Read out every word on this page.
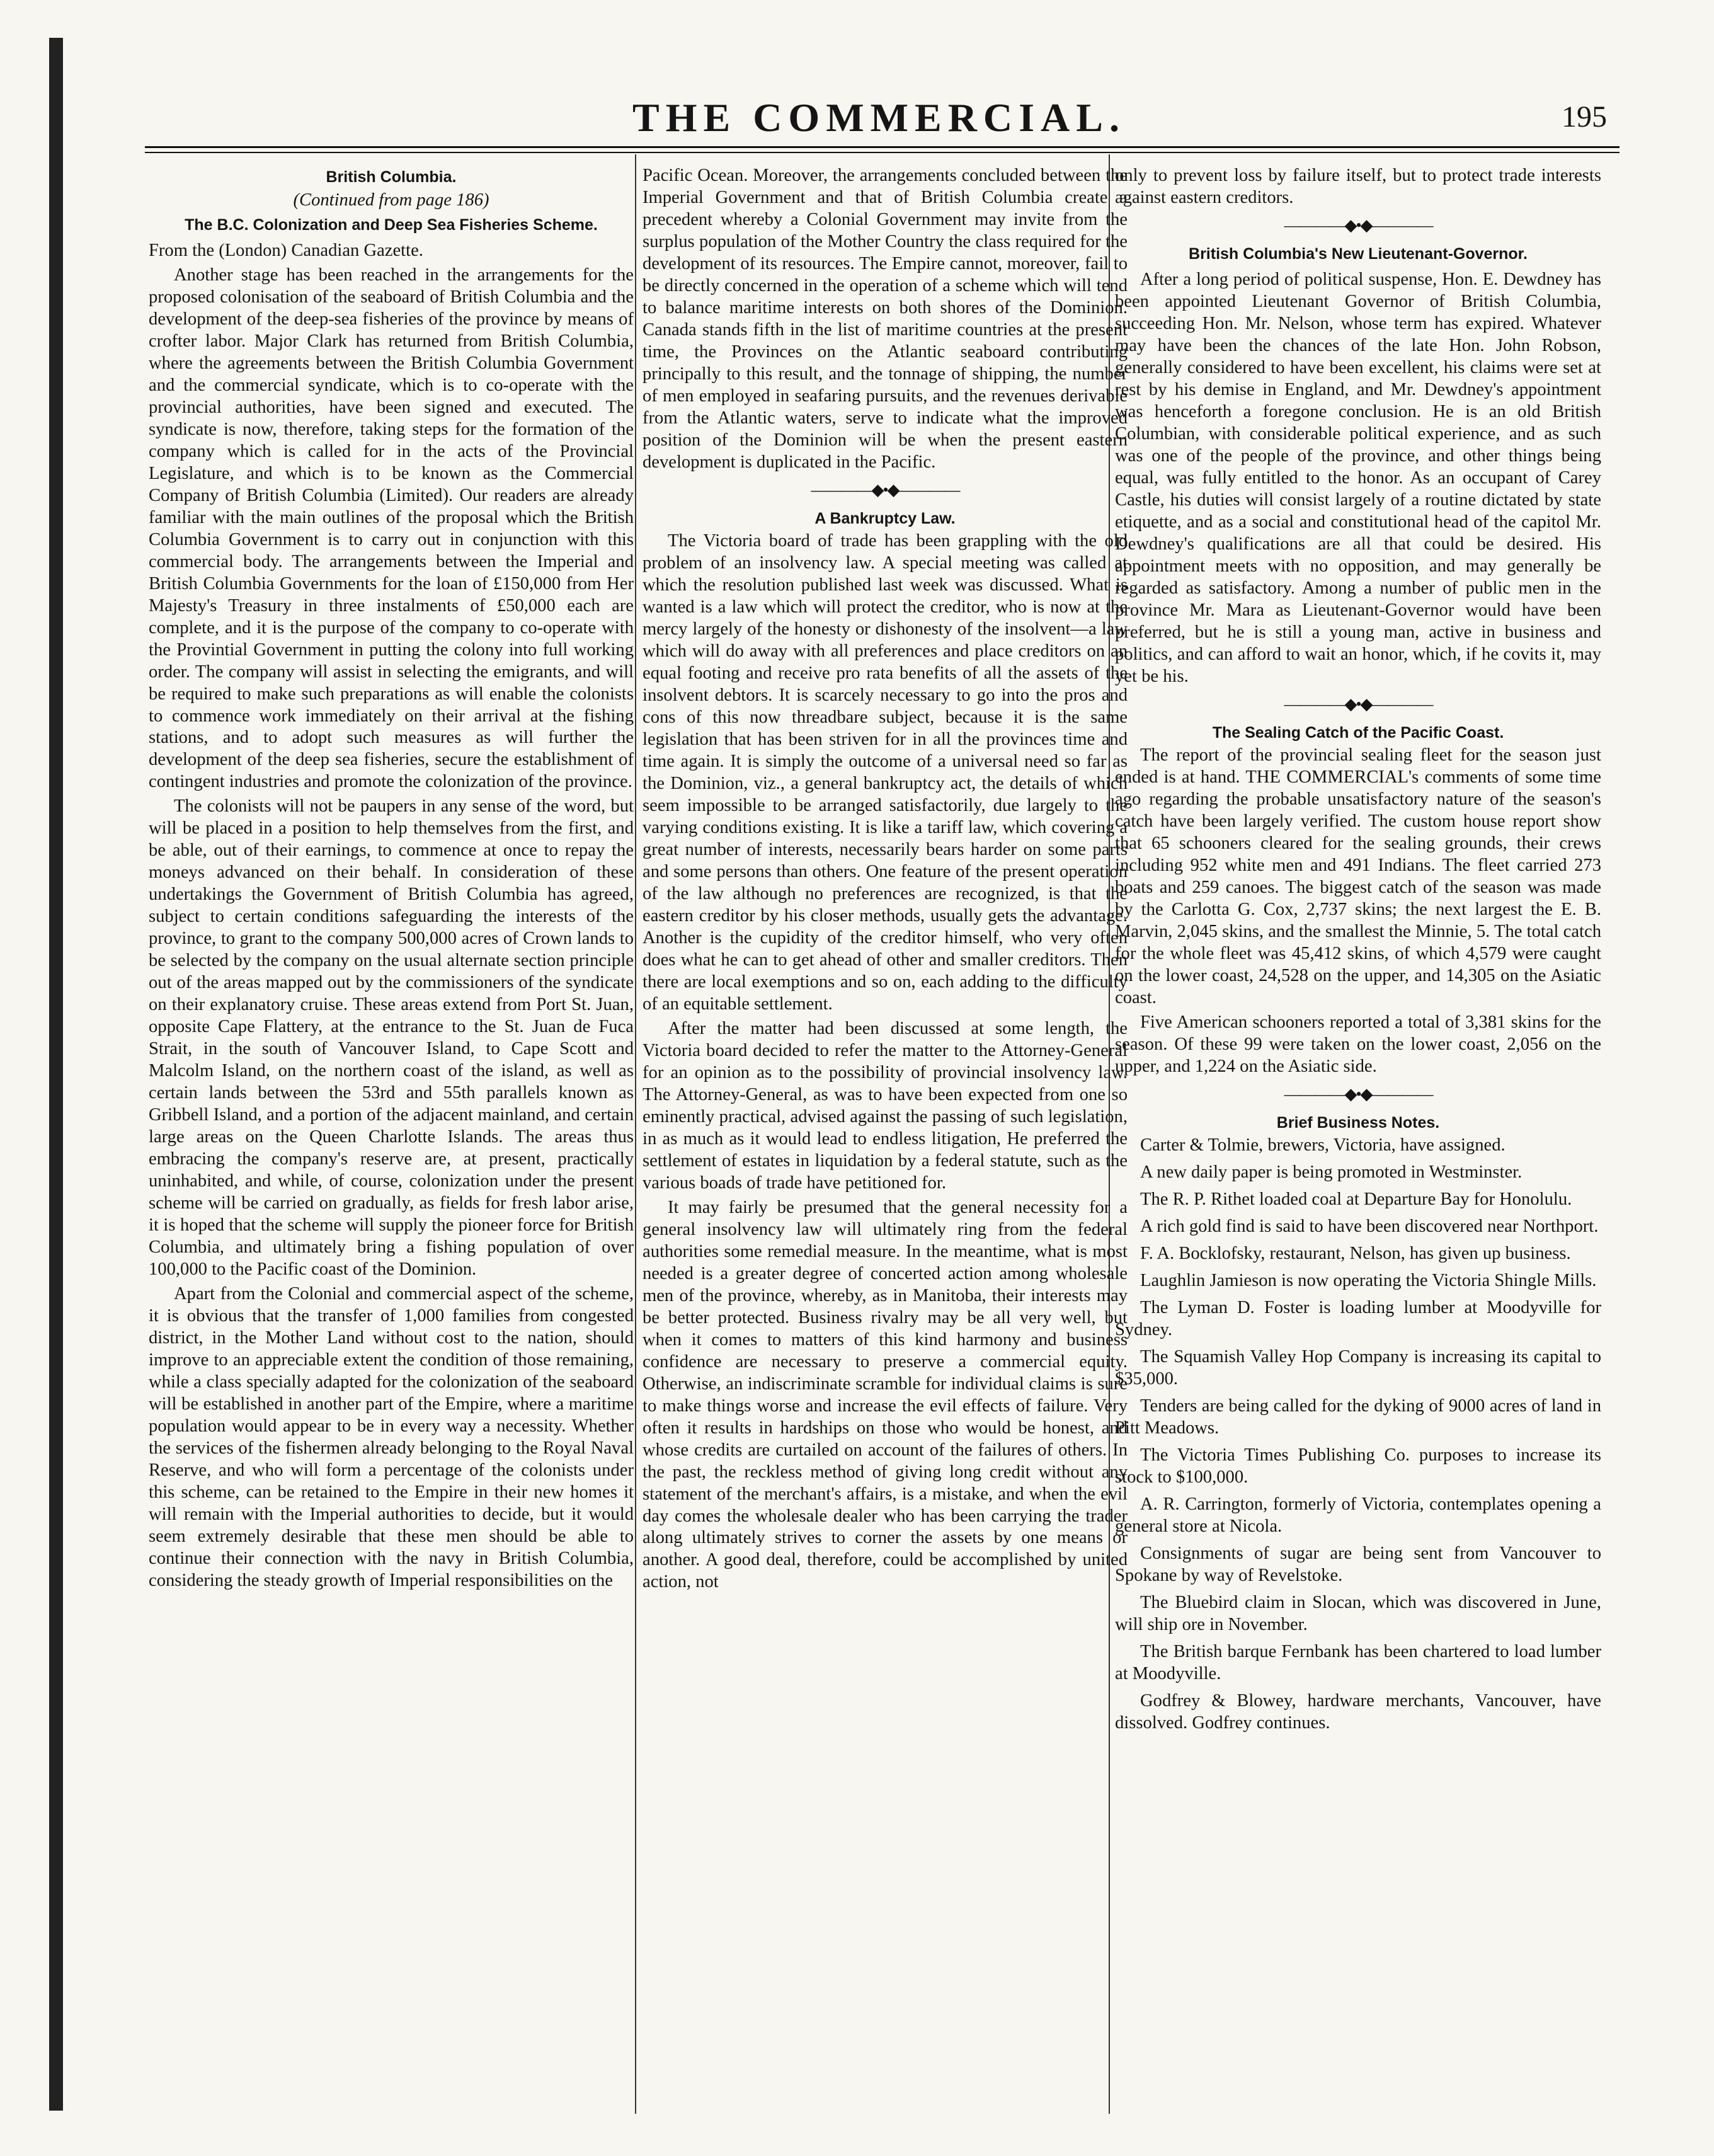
THE COMMERCIAL.	195
British Columbia.
(Continued from page 186)
The B.C. Colonization and Deep Sea Fisheries Scheme.

From the (London) Canadian Gazette.

Another stage has been reached in the arrangements for the proposed colonisation of the seaboard of British Columbia and the development of the deep-sea fisheries of the province by means of crofter labor. Major Clark has returned from British Columbia, where the agreements between the British Columbia Government and the commercial syndicate, which is to co-operate with the provincial authorities, have been signed and executed. The syndicate is now, therefore, taking steps for the formation of the company which is called for in the acts of the Provincial Legislature, and which is to be known as the Commercial Company of British Columbia (Limited). Our readers are already familiar with the main outlines of the proposal which the British Columbia Government is to carry out in conjunction with this commercial body. The arrangements between the Imperial and British Columbia Governments for the loan of £150,000 from Her Majesty's Treasury in three instalments of £50,000 each are complete, and it is the purpose of the company to co-operate with the Provintial Government in putting the colony into full working order. The company will assist in selecting the emigrants, and will be required to make such preparations as will enable the colonists to commence work immediately on their arrival at the fishing stations, and to adopt such measures as will further the development of the deep sea fisheries, secure the establishment of contingent industries and promote the colonization of the province.

The colonists will not be paupers in any sense of the word, but will be placed in a position to help themselves from the first, and be able, out of their earnings, to commence at once to repay the moneys advanced on their behalf. In consideration of these undertakings the Government of British Columbia has agreed, subject to certain conditions safeguarding the interests of the province, to grant to the company 500,000 acres of Crown lands to be selected by the company on the usual alternate section principle out of the areas mapped out by the commissioners of the syndicate on their explanatory cruise. These areas extend from Port St. Juan, opposite Cape Flattery, at the entrance to the St. Juan de Fuca Strait, in the south of Vancouver Island, to Cape Scott and Malcolm Island, on the northern coast of the island, as well as certain lands between the 53rd and 55th parallels known as Gribbell Island, and a portion of the adjacent mainland, and certain large areas on the Queen Charlotte Islands. The areas thus embracing the company's reserve are, at present, practically uninhabited, and while, of course, colonization under the present scheme will be carried on gradually, as fields for fresh labor arise, it is hoped that the scheme will supply the pioneer force for British Columbia, and ultimately bring a fishing population of over 100,000 to the Pacific coast of the Dominion.

Apart from the Colonial and commercial aspect of the scheme, it is obvious that the transfer of 1,000 families from congested district, in the Mother Land without cost to the nation, should improve to an appreciable extent the condition of those remaining, while a class specially adapted for the colonization of the seaboard will be established in another part of the Empire, where a maritime population would appear to be in every way a necessity. Whether the services of the fishermen already belonging to the Royal Naval Reserve, and who will form a percentage of the colonists under this scheme, can be retained to the Empire in their new homes it will remain with the Imperial authorities to decide, but it would seem extremely desirable that these men should be able to continue their connection with the navy in British Columbia, considering the steady growth of Imperial responsibilities on the

Pacific Ocean. Moreover, the arrangements concluded between the Imperial Government and that of British Columbia create a precedent whereby a Colonial Government may invite from the surplus population of the Mother Country the class required for the development of its resources. The Empire cannot, moreover, fail to be directly concerned in the operation of a scheme which will tend to balance maritime interests on both shores of the Dominion. Canada stands fifth in the list of maritime countries at the present time, the Provinces on the Atlantic seaboard contributing principally to this result, and the tonnage of shipping, the number of men employed in seafaring pursuits, and the revenues derivable from the Atlantic waters, serve to indicate what the improved position of the Dominion will be when the present eastern development is duplicated in the Pacific.

————◆•◆————
A Bankruptcy Law.

The Victoria board of trade has been grappling with the old problem of an insolvency law. A special meeting was called at which the resolution published last week was discussed. What is wanted is a law which will protect the creditor, who is now at the mercy largely of the honesty or dishonesty of the insolvent—a law which will do away with all preferences and place creditors on an equal footing and receive pro rata benefits of all the assets of the insolvent debtors. It is scarcely necessary to go into the pros and cons of this now threadbare subject, because it is the same legislation that has been striven for in all the provinces time and time again. It is simply the outcome of a universal need so far as the Dominion, viz., a general bankruptcy act, the details of which seem impossible to be arranged satisfactorily, due largely to the varying conditions existing. It is like a tariff law, which covering a great number of interests, necessarily bears harder on some parts and some persons than others. One feature of the present operation of the law although no preferences are recognized, is that the eastern creditor by his closer methods, usually gets the advantage. Another is the cupidity of the creditor himself, who very often does what he can to get ahead of other and smaller creditors. Then there are local exemptions and so on, each adding to the difficulty of an equitable settlement.

After the matter had been discussed at some length, the Victoria board decided to refer the matter to the Attorney-General for an opinion as to the possibility of provincial insolvency law. The Attorney-General, as was to have been expected from one so eminently practical, advised against the passing of such legislation, in as much as it would lead to endless litigation, He preferred the settlement of estates in liquidation by a federal statute, such as the various boads of trade have petitioned for.

It may fairly be presumed that the general necessity for a general insolvency law will ultimately ring from the federal authorities some remedial measure. In the meantime, what is most needed is a greater degree of concerted action among wholesale men of the province, whereby, as in Manitoba, their interests may be better protected. Business rivalry may be all very well, but when it comes to matters of this kind harmony and business confidence are necessary to preserve a commercial equity. Otherwise, an indiscriminate scramble for individual claims is sure to make things worse and increase the evil effects of failure. Very often it results in hardships on those who would be honest, and whose credits are curtailed on account of the failures of others. In the past, the reckless method of giving long credit without any statement of the merchant's affairs, is a mistake, and when the evil day comes the wholesale dealer who has been carrying the trader along ultimately strives to corner the assets by one means or another. A good deal, therefore, could be accomplished by united action, not

only to prevent loss by failure itself, but to protect trade interests against eastern creditors.

————◆•◆————
British Columbia's New Lieutenant-Governor.

After a long period of political suspense, Hon. E. Dewdney has been appointed Lieutenant Governor of British Columbia, succeeding Hon. Mr. Nelson, whose term has expired. Whatever may have been the chances of the late Hon. John Robson, generally considered to have been excellent, his claims were set at rest by his demise in England, and Mr. Dewdney's appointment was henceforth a foregone conclusion. He is an old British Columbian, with considerable political experience, and as such was one of the people of the province, and other things being equal, was fully entitled to the honor. As an occupant of Carey Castle, his duties will consist largely of a routine dictated by state etiquette, and as a social and constitutional head of the capitol Mr. Dewdney's qualifications are all that could be desired. His appointment meets with no opposition, and may generally be regarded as satisfactory. Among a number of public men in the province Mr. Mara as Lieutenant-Governor would have been preferred, but he is still a young man, active in business and politics, and can afford to wait an honor, which, if he covits it, may yet be his.

————◆•◆————
The Sealing Catch of the Pacific Coast.

The report of the provincial sealing fleet for the season just ended is at hand. THE COMMERCIAL's comments of some time ago regarding the probable unsatisfactory nature of the season's catch have been largely verified. The custom house report show that 65 schooners cleared for the sealing grounds, their crews including 952 white men and 491 Indians. The fleet carried 273 boats and 259 canoes. The biggest catch of the season was made by the Carlotta G. Cox, 2,737 skins; the next largest the E. B. Marvin, 2,045 skins, and the smallest the Minnie, 5. The total catch for the whole fleet was 45,412 skins, of which 4,579 were caught on the lower coast, 24,528 on the upper, and 14,305 on the Asiatic coast.

Five American schooners reported a total of 3,381 skins for the season. Of these 99 were taken on the lower coast, 2,056 on the upper, and 1,224 on the Asiatic side.

————◆•◆————
Brief Business Notes.

Carter & Tolmie, brewers, Victoria, have assigned.

A new daily paper is being promoted in Westminster.

The R. P. Rithet loaded coal at Departure Bay for Honolulu.

A rich gold find is said to have been discovered near Northport.

F. A. Bocklofsky, restaurant, Nelson, has given up business.

Laughlin Jamieson is now operating the Victoria Shingle Mills.

The Lyman D. Foster is loading lumber at Moodyville for Sydney.

The Squamish Valley Hop Company is increasing its capital to $35,000.

Tenders are being called for the dyking of 9000 acres of land in Pitt Meadows.

The Victoria Times Publishing Co. purposes to increase its stock to $100,000.

A. R. Carrington, formerly of Victoria, contemplates opening a general store at Nicola.

Consignments of sugar are being sent from Vancouver to Spokane by way of Revelstoke.

The Bluebird claim in Slocan, which was discovered in June, will ship ore in November.

The British barque Fernbank has been chartered to load lumber at Moodyville.

Godfrey & Blowey, hardware merchants, Vancouver, have dissolved. Godfrey continues.
